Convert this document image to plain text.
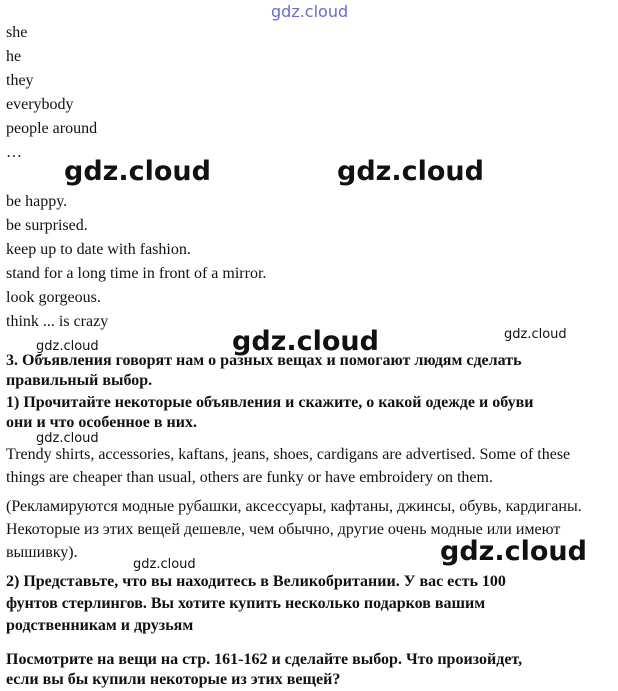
gdz.cloud
she
he
they
everybody
people around
…
gdz.cloud	gdz.cloud
be happy.
be surprised.
keep up to date with fashion.
stand for a long time in front of a mirror.
look gorgeous.
think ... is crazy
gdz.cloud	gdz.cloud
gdz.cloud
3. Объявления говорят нам о разных вещах и помогают людям сделать
правильный выбор.
1) Прочитайте некоторые объявления и скажите, о какой одежде и обуви
они и что особенное в них.
gdz.cloud
Trendy shirts, accessories, kaftans, jeans, shoes, cardigans are advertised. Some of these things are cheaper than usual, others are funky or have embroidery on them.
(Рекламируются модные рубашки, аксессуары, кафтаны, джинсы, обувь, кардиганы. Некоторые из этих вещей дешевле, чем обычно, другие очень модные или имеют вышивку).	gdz.cloud
gdz.cloud
2) Представьте, что вы находитесь в Великобритании. У вас есть 100
фунтов стерлингов. Вы хотите купить несколько подарков вашим
родственникам и друзьям
Посмотрите на вещи на стр. 161-162 и сделайте выбор. Что произойдет,
если вы бы купили некоторые из этих вещей?
